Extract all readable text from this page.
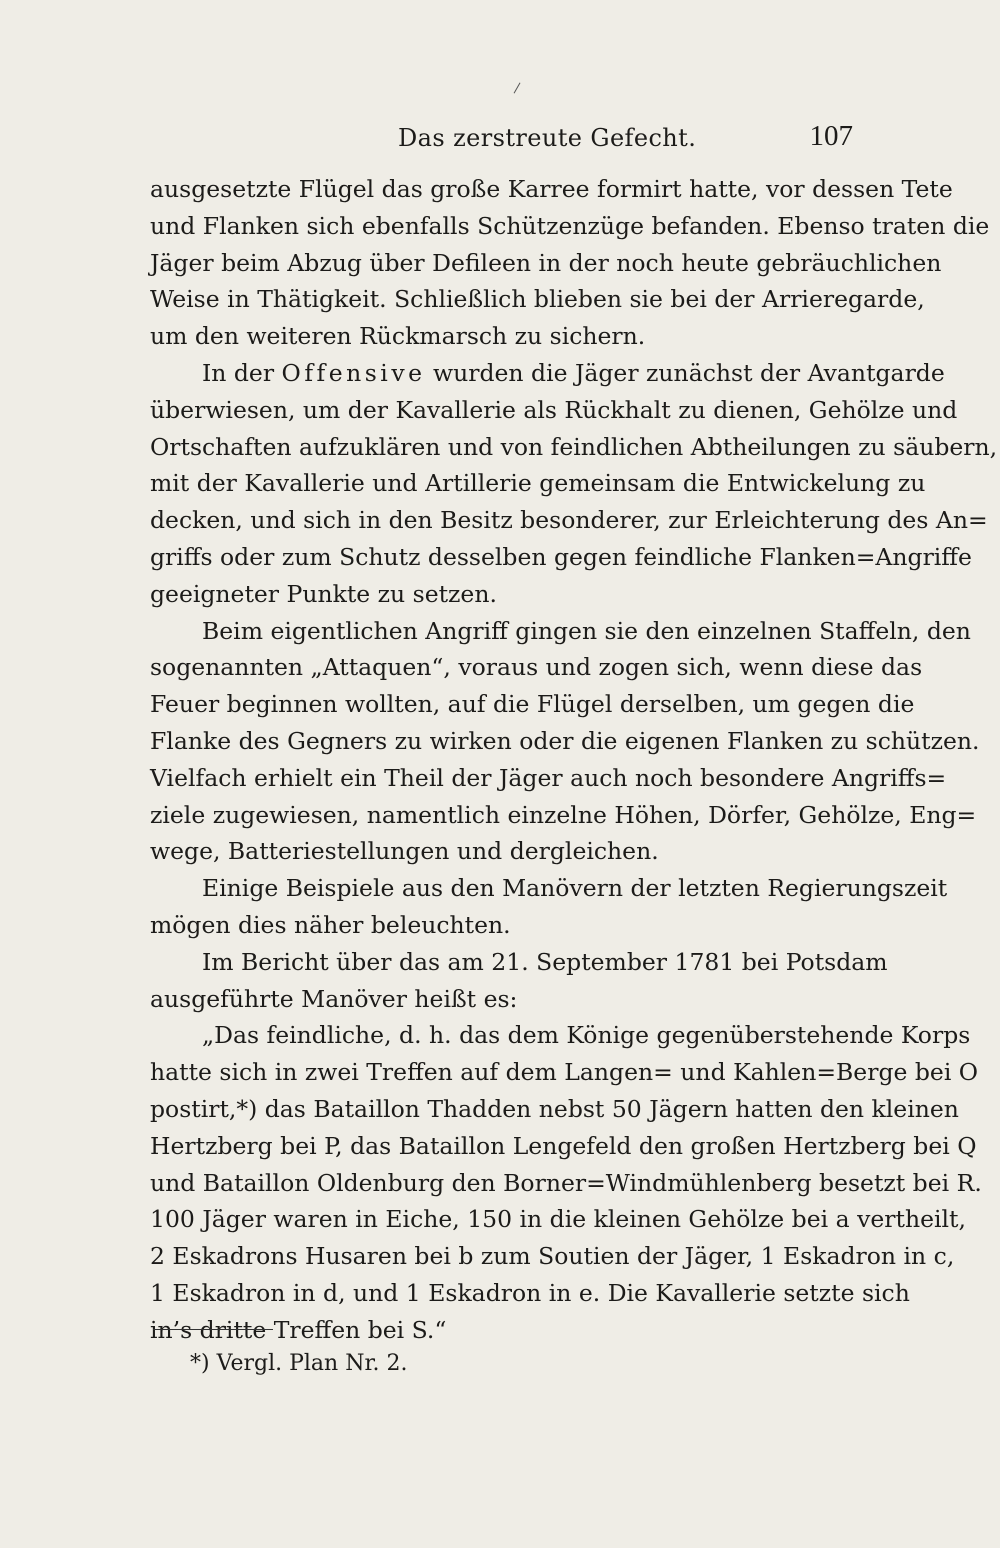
Das zerstreute Gefecht.	107
ausgesetzte Flügel das große Karree formirt hatte, vor dessen Tete
und Flanken sich ebenfalls Schützenzüge befanden. Ebenso traten die
Jäger beim Abzug über Defileen in der noch heute gebräuchlichen
Weise in Thätigkeit. Schließlich blieben sie bei der Arrieregarde,
um den weiteren Rückmarsch zu sichern.
In der Offensive wurden die Jäger zunächst der Avantgarde
überwiesen, um der Kavallerie als Rückhalt zu dienen, Gehölze und
Ortschaften aufzuklären und von feindlichen Abtheilungen zu säubern,
mit der Kavallerie und Artillerie gemeinsam die Entwickelung zu
decken, und sich in den Besitz besonderer, zur Erleichterung des An=
griffs oder zum Schutz desselben gegen feindliche Flanken=Angriffe
geeigneter Punkte zu setzen.
Beim eigentlichen Angriff gingen sie den einzelnen Staffeln, den
sogenannten „Attaquen“, voraus und zogen sich, wenn diese das
Feuer beginnen wollten, auf die Flügel derselben, um gegen die
Flanke des Gegners zu wirken oder die eigenen Flanken zu schützen.
Vielfach erhielt ein Theil der Jäger auch noch besondere Angriffs=
ziele zugewiesen, namentlich einzelne Höhen, Dörfer, Gehölze, Eng=
wege, Batteriestellungen und dergleichen.
Einige Beispiele aus den Manövern der letzten Regierungszeit
mögen dies näher beleuchten.
Im Bericht über das am 21. September 1781 bei Potsdam
ausgeführte Manöver heißt es:
„Das feindliche, d. h. das dem Könige gegenüberstehende Korps
hatte sich in zwei Treffen auf dem Langen= und Kahlen=Berge bei O
postirt,*) das Bataillon Thadden nebst 50 Jägern hatten den kleinen
Hertzberg bei P, das Bataillon Lengefeld den großen Hertzberg bei Q
und Bataillon Oldenburg den Borner=Windmühlenberg besetzt bei R.
100 Jäger waren in Eiche, 150 in die kleinen Gehölze bei a vertheilt,
2 Eskadrons Husaren bei b zum Soutien der Jäger, 1 Eskadron in c,
1 Eskadron in d, und 1 Eskadron in e. Die Kavallerie setzte sich
in’s dritte Treffen bei S.“
*) Vergl. Plan Nr. 2.
